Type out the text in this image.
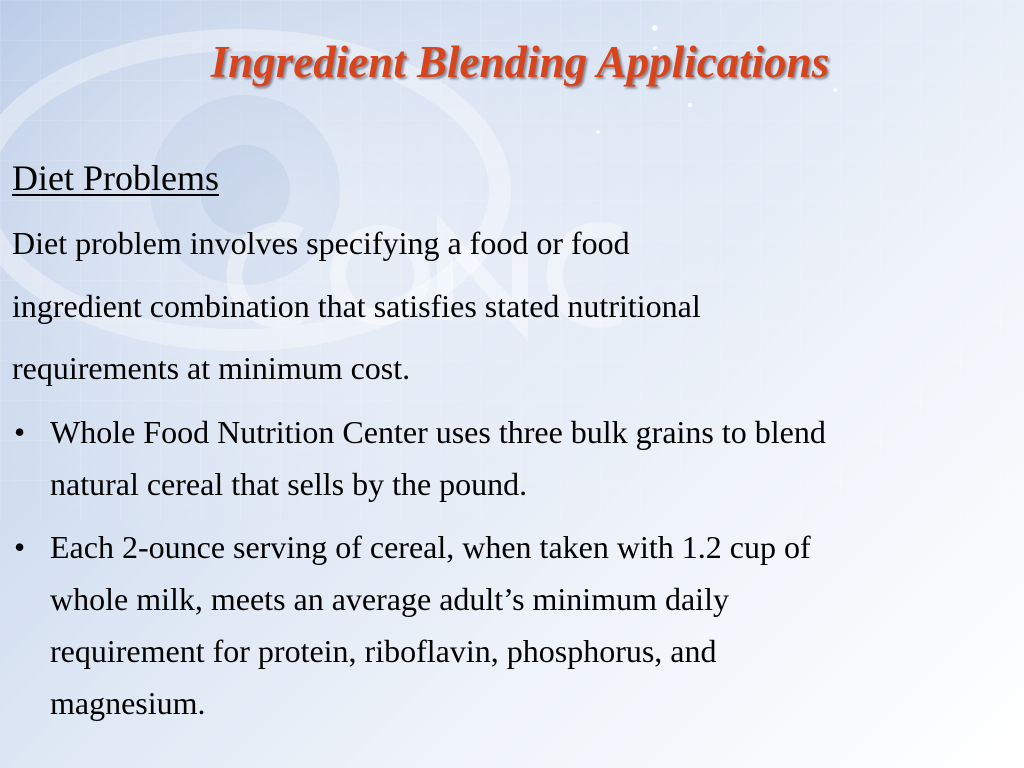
Ingredient Blending Applications
Diet Problems

Diet problem involves specifying a food or food

ingredient combination that satisfies stated nutritional

requirements at minimum cost.

• Whole Food Nutrition Center uses three bulk grains to blend
natural cereal that sells by the pound.
• Each 2-ounce serving of cereal, when taken with 1.2 cup of
whole milk, meets an average adult’s minimum daily
requirement for protein, riboflavin, phosphorus, and
magnesium.
